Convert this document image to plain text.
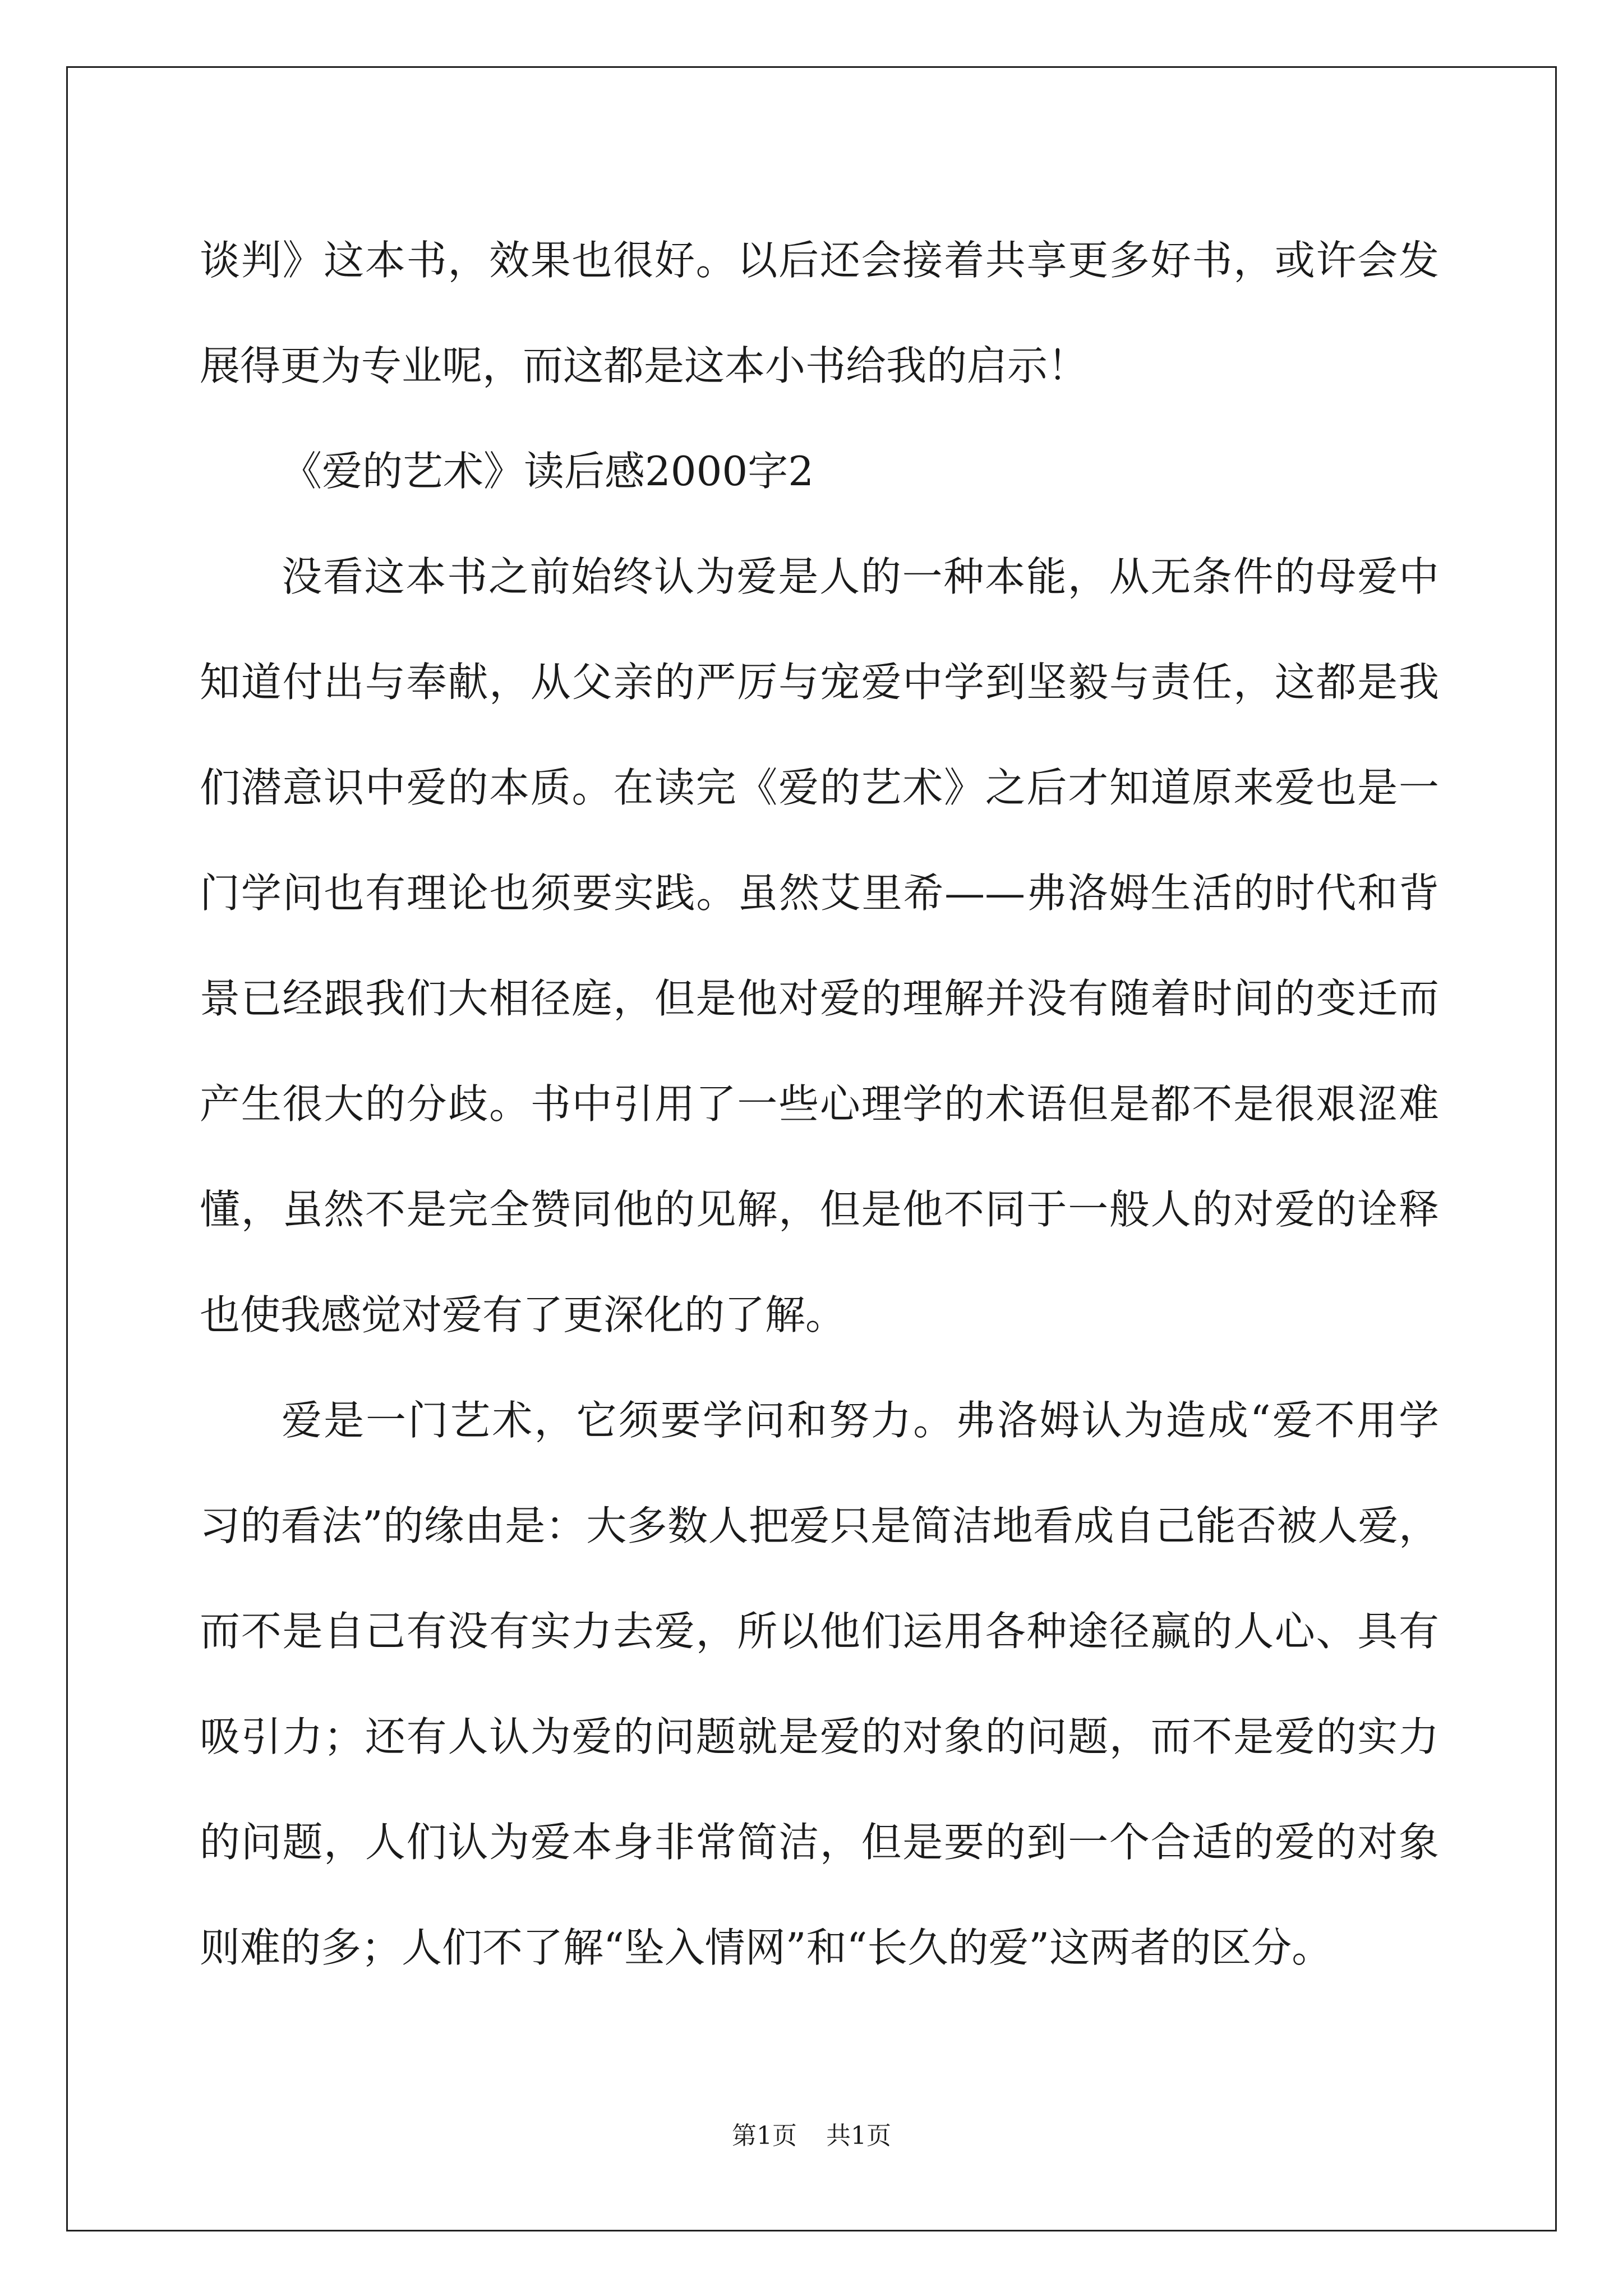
谈判》这本书，效果也很好。以后还会接着共享更多好书，或许会发
展得更为专业呢，而这都是这本小书给我的启示！
《爱的艺术》读后感2000字2
没看这本书之前始终认为爱是人的一种本能，从无条件的母爱中
知道付出与奉献，从父亲的严厉与宠爱中学到坚毅与责任，这都是我
们潜意识中爱的本质。在读完《爱的艺术》之后才知道原来爱也是一
门学问也有理论也须要实践。虽然艾里希——弗洛姆生活的时代和背
景已经跟我们大相径庭，但是他对爱的理解并没有随着时间的变迁而
产生很大的分歧。书中引用了一些心理学的术语但是都不是很艰涩难
懂，虽然不是完全赞同他的见解，但是他不同于一般人的对爱的诠释
也使我感觉对爱有了更深化的了解。
爱是一门艺术，它须要学问和努力。弗洛姆认为造成“爱不用学
习的看法”的缘由是：大多数人把爱只是简洁地看成自己能否被人爱，
而不是自己有没有实力去爱，所以他们运用各种途径赢的人心、具有
吸引力；还有人认为爱的问题就是爱的对象的问题，而不是爱的实力
的问题，人们认为爱本身非常简洁，但是要的到一个合适的爱的对象
则难的多；人们不了解“坠入情网”和“长久的爱”这两者的区分。
第1页 共1页
